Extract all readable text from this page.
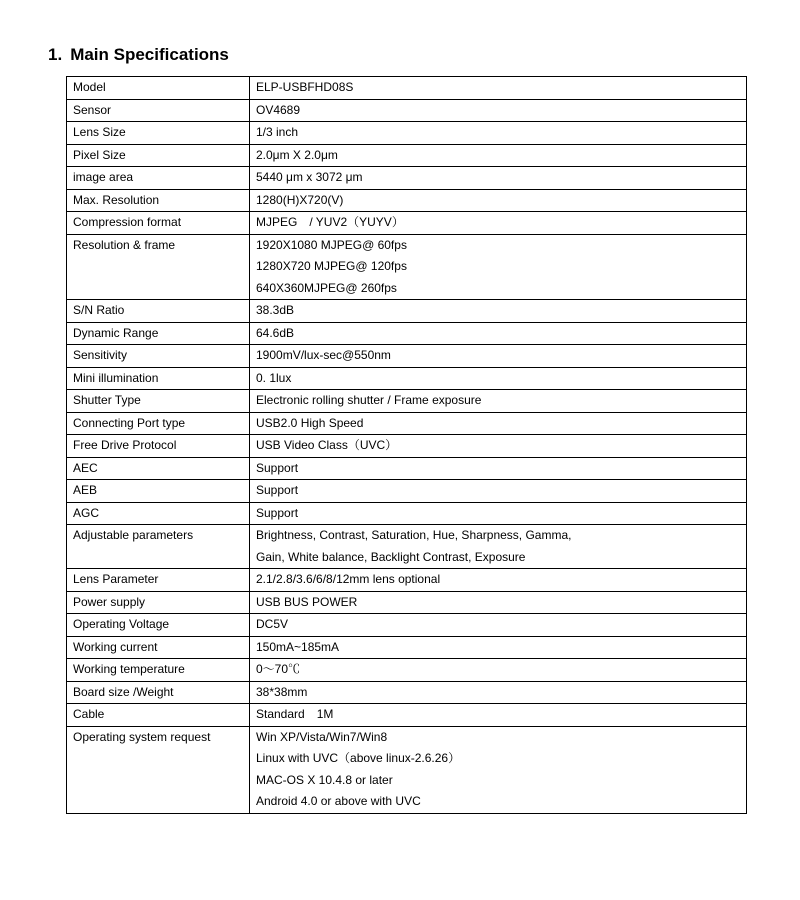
1. Main Specifications
Model	ELP-USBFHD08S

Sensor	OV4689

Lens Size	1/3 inch

Pixel Size	2.0μm X 2.0μm

image area	5440 μm x 3072 μm

Max. Resolution	1280(H)X720(V)

Compression format	MJPEG　/ YUV2（YUYV）

Resolution & frame	1920X1080 MJPEG@ 60fps
1280X720 MJPEG@ 120fps
640X360MJPEG@ 260fps

S/N Ratio	38.3dB

Dynamic Range	64.6dB

Sensitivity	1900mV/lux-sec@550nm

Mini illumination	0. 1lux

Shutter Type	Electronic rolling shutter / Frame exposure

Connecting Port type	USB2.0 High Speed

Free Drive Protocol	USB Video Class（UVC）

AEC	Support

AEB	Support

AGC	Support

Adjustable parameters	Brightness, Contrast, Saturation, Hue, Sharpness, Gamma,
Gain, White balance, Backlight Contrast, Exposure

Lens Parameter	2.1/2.8/3.6/6/8/12mm lens optional

Power supply	USB BUS POWER

Operating Voltage	DC5V

Working current	150mA~185mA

Working temperature	0～70℃

Board size /Weight	38*38mm

Cable	Standard　1M

Operating system request	Win XP/Vista/Win7/Win8
Linux with UVC（above linux-2.6.26）
MAC-OS X 10.4.8 or later
Android 4.0 or above with UVC
